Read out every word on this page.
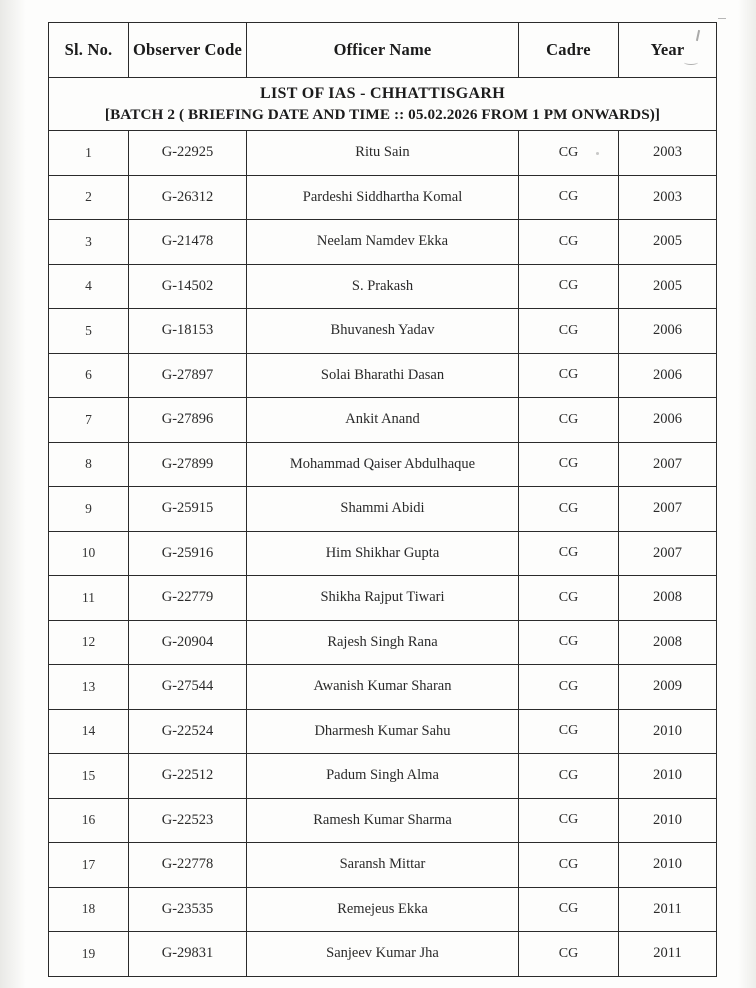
Sl. No.	Observer Code	Officer Name	Cadre	Year

LIST OF IAS - CHHATTISGARH
[BATCH 2 ( BRIEFING DATE AND TIME :: 05.02.2026 FROM 1 PM ONWARDS)]				

1	G-22925	Ritu Sain	CG	2003
2	G-26312	Pardeshi Siddhartha Komal	CG	2003
3	G-21478	Neelam Namdev Ekka	CG	2005
4	G-14502	S. Prakash	CG	2005
5	G-18153	Bhuvanesh Yadav	CG	2006
6	G-27897	Solai Bharathi Dasan	CG	2006
7	G-27896	Ankit Anand	CG	2006
8	G-27899	Mohammad Qaiser Abdulhaque	CG	2007
9	G-25915	Shammi Abidi	CG	2007
10	G-25916	Him Shikhar Gupta	CG	2007
11	G-22779	Shikha Rajput Tiwari	CG	2008
12	G-20904	Rajesh Singh Rana	CG	2008
13	G-27544	Awanish Kumar Sharan	CG	2009
14	G-22524	Dharmesh Kumar Sahu	CG	2010
15	G-22512	Padum Singh Alma	CG	2010
16	G-22523	Ramesh Kumar Sharma	CG	2010
17	G-22778	Saransh Mittar	CG	2010
18	G-23535	Remejeus Ekka	CG	2011
19	G-29831	Sanjeev Kumar Jha	CG	2011
